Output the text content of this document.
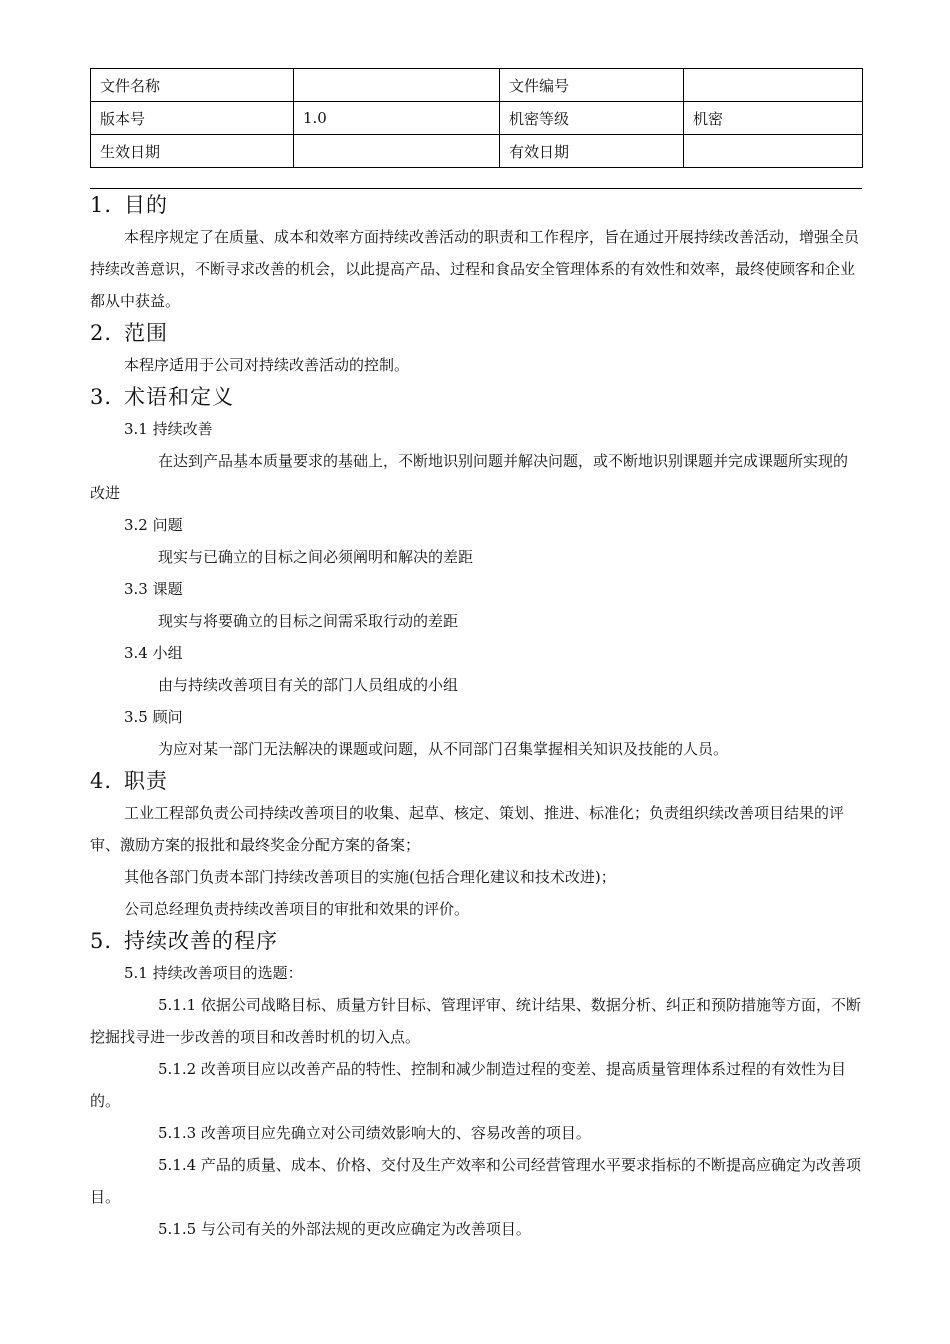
文件名称		文件编号	
版本号	1.0	机密等级	机密
生效日期		有效日期	
1. 目的

本程序规定了在质量、成本和效率方面持续改善活动的职责和工作程序，旨在通过开展持续改善活动，增强全员持续改善意识，不断寻求改善的机会，以此提高产品、过程和食品安全管理体系的有效性和效率，最终使顾客和企业都从中获益。

2. 范围

本程序适用于公司对持续改善活动的控制。

3. 术语和定义

3.1 持续改善

在达到产品基本质量要求的基础上，不断地识别问题并解决问题，或不断地识别课题并完成课题所实现的改进

3.2 问题

现实与已确立的目标之间必须阐明和解决的差距

3.3 课题

现实与将要确立的目标之间需采取行动的差距

3.4 小组

由与持续改善项目有关的部门人员组成的小组

3.5 顾问

为应对某一部门无法解决的课题或问题，从不同部门召集掌握相关知识及技能的人员。

4. 职责

工业工程部负责公司持续改善项目的收集、起草、核定、策划、推进、标准化；负责组织续改善项目结果的评审、激励方案的报批和最终奖金分配方案的备案；

其他各部门负责本部门持续改善项目的实施(包括合理化建议和技术改进)；

公司总经理负责持续改善项目的审批和效果的评价。

5. 持续改善的程序

5.1 持续改善项目的选题：

5.1.1 依据公司战略目标、质量方针目标、管理评审、统计结果、数据分析、纠正和预防措施等方面，不断挖掘找寻进一步改善的项目和改善时机的切入点。

5.1.2 改善项目应以改善产品的特性、控制和减少制造过程的变差、提高质量管理体系过程的有效性为目的。

5.1.3 改善项目应先确立对公司绩效影响大的、容易改善的项目。

5.1.4 产品的质量、成本、价格、交付及生产效率和公司经营管理水平要求指标的不断提高应确定为改善项目。

5.1.5 与公司有关的外部法规的更改应确定为改善项目。
